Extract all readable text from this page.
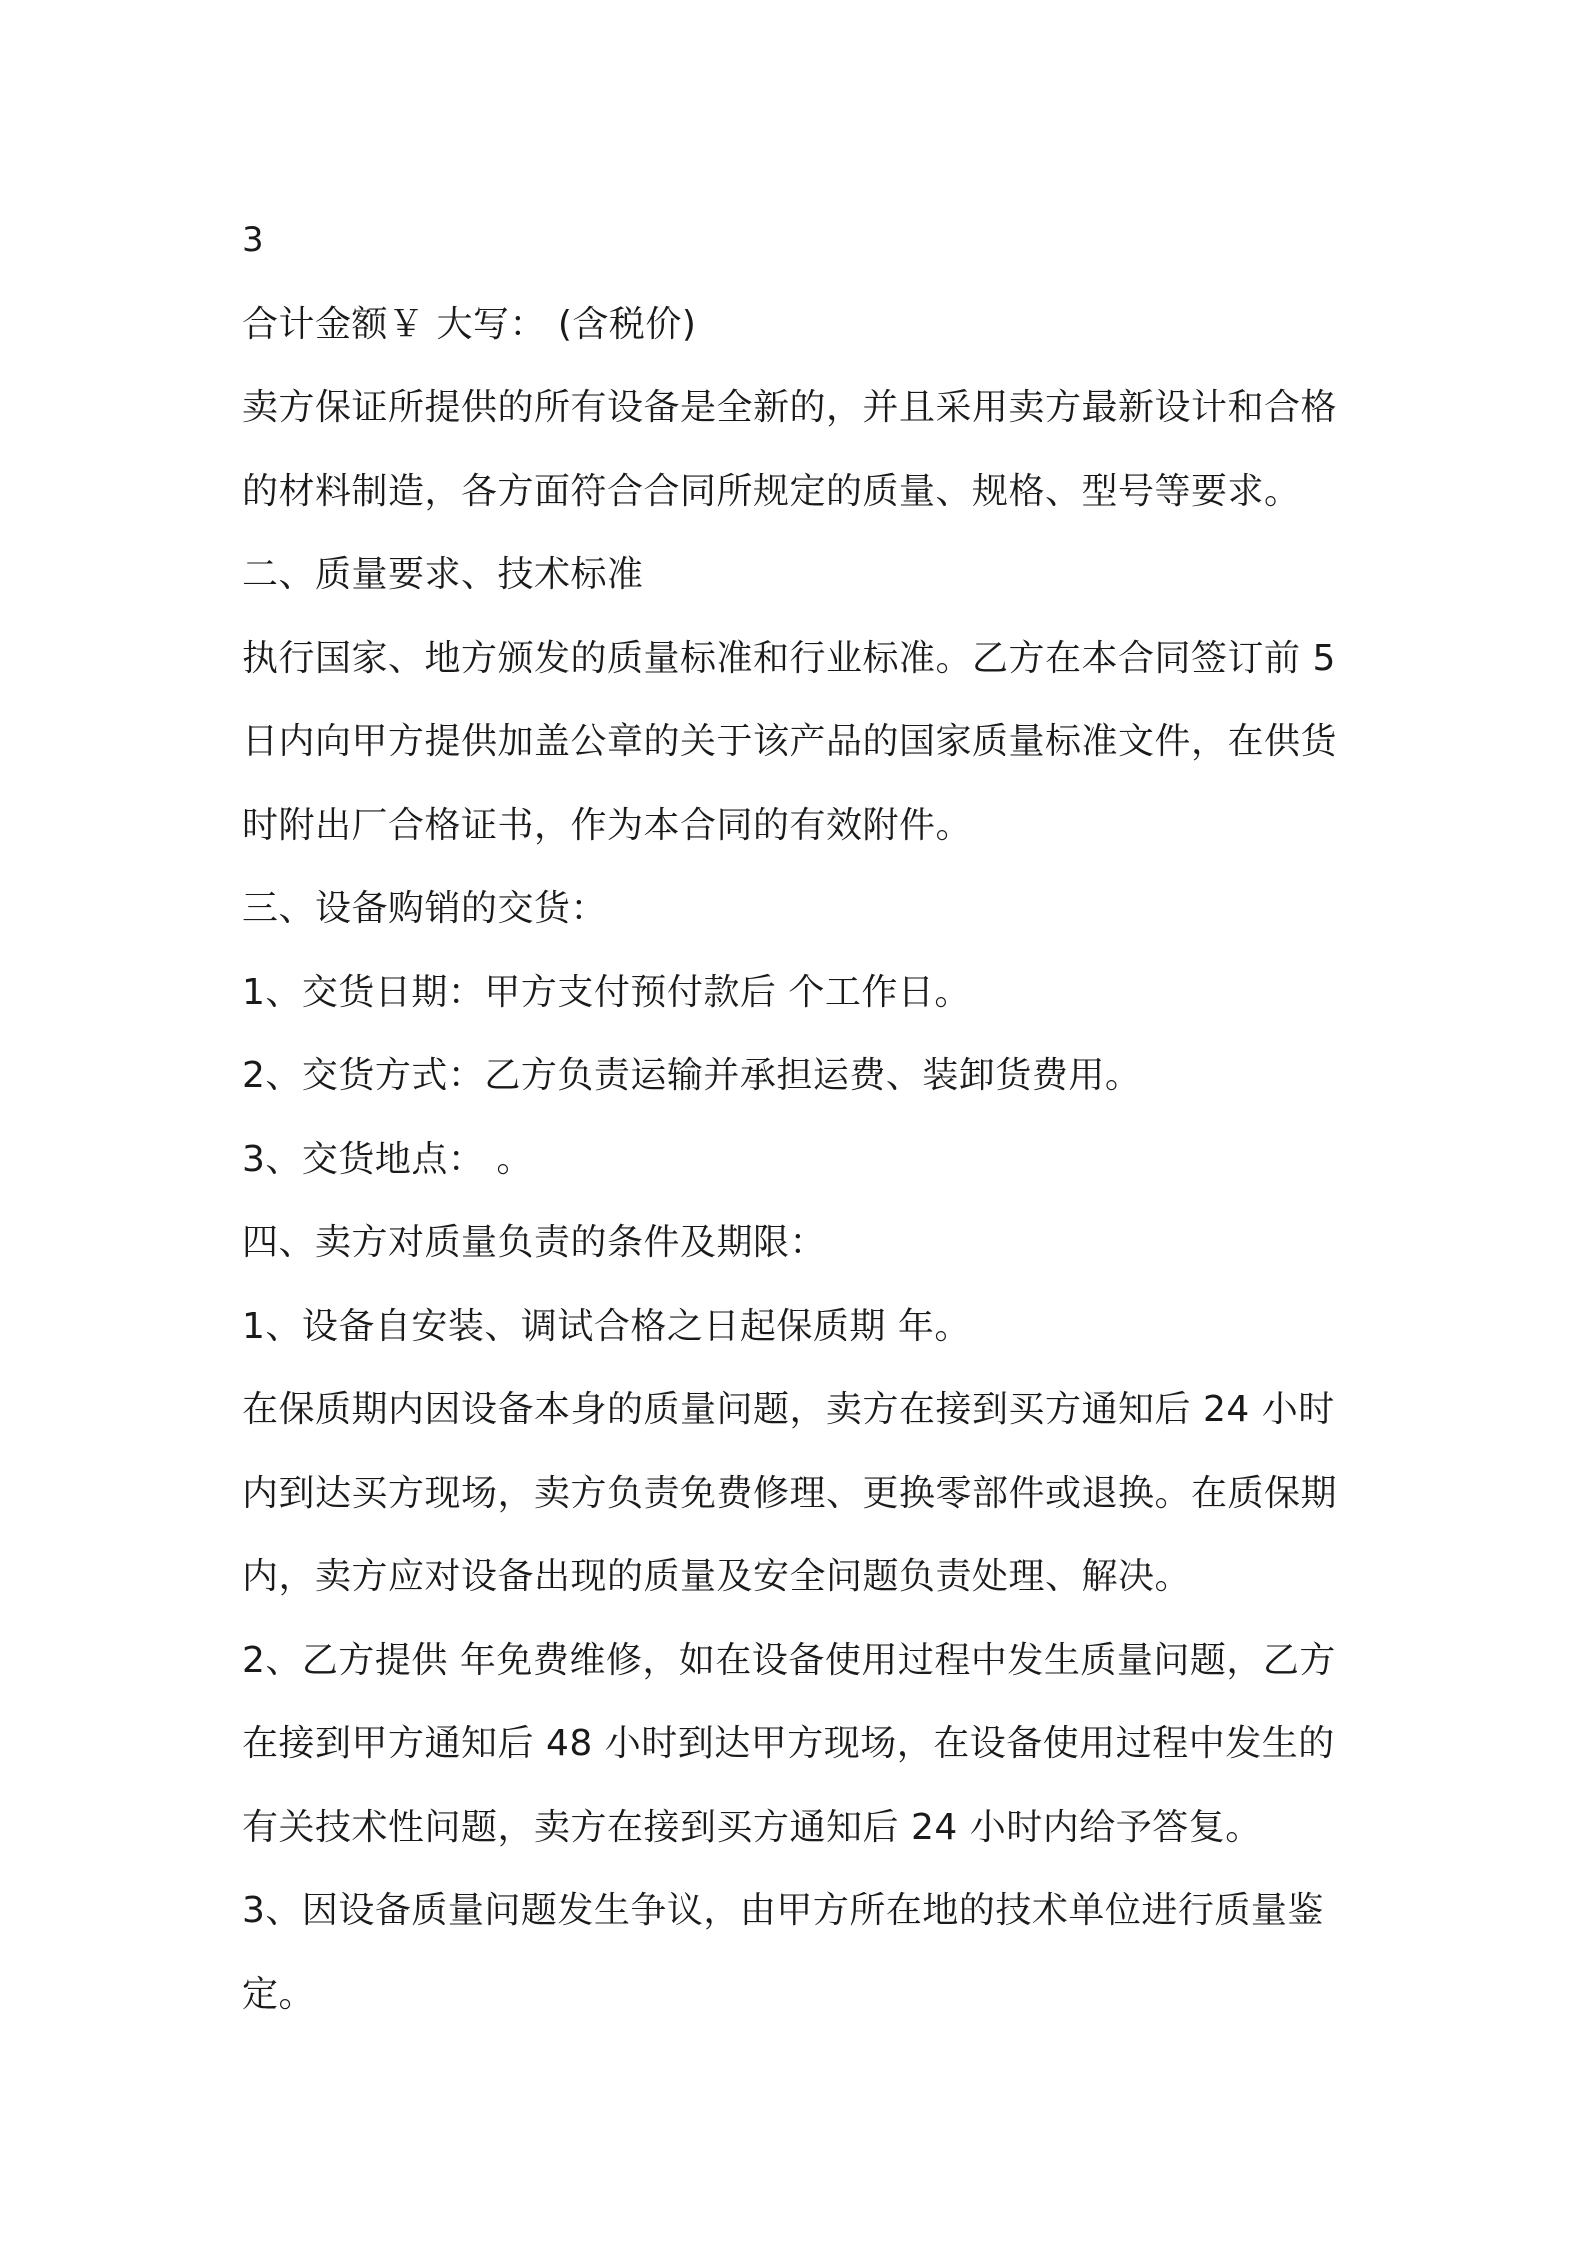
3

合计金额￥ 大写： (含税价)

卖方保证所提供的所有设备是全新的，并且采用卖方最新设计和合格

的材料制造，各方面符合合同所规定的质量、规格、型号等要求。

二、质量要求、技术标准

执行国家、地方颁发的质量标准和行业标准。乙方在本合同签订前 5

日内向甲方提供加盖公章的关于该产品的国家质量标准文件，在供货

时附出厂合格证书，作为本合同的有效附件。

三、设备购销的交货：

1、交货日期：甲方支付预付款后 个工作日。

2、交货方式：乙方负责运输并承担运费、装卸货费用。

3、交货地点： 。

四、卖方对质量负责的条件及期限：

1、设备自安装、调试合格之日起保质期 年。

在保质期内因设备本身的质量问题，卖方在接到买方通知后 24 小时

内到达买方现场，卖方负责免费修理、更换零部件或退换。在质保期

内，卖方应对设备出现的质量及安全问题负责处理、解决。

2、乙方提供 年免费维修，如在设备使用过程中发生质量问题，乙方

在接到甲方通知后 48 小时到达甲方现场，在设备使用过程中发生的

有关技术性问题，卖方在接到买方通知后 24 小时内给予答复。

3、因设备质量问题发生争议，由甲方所在地的技术单位进行质量鉴

定。
